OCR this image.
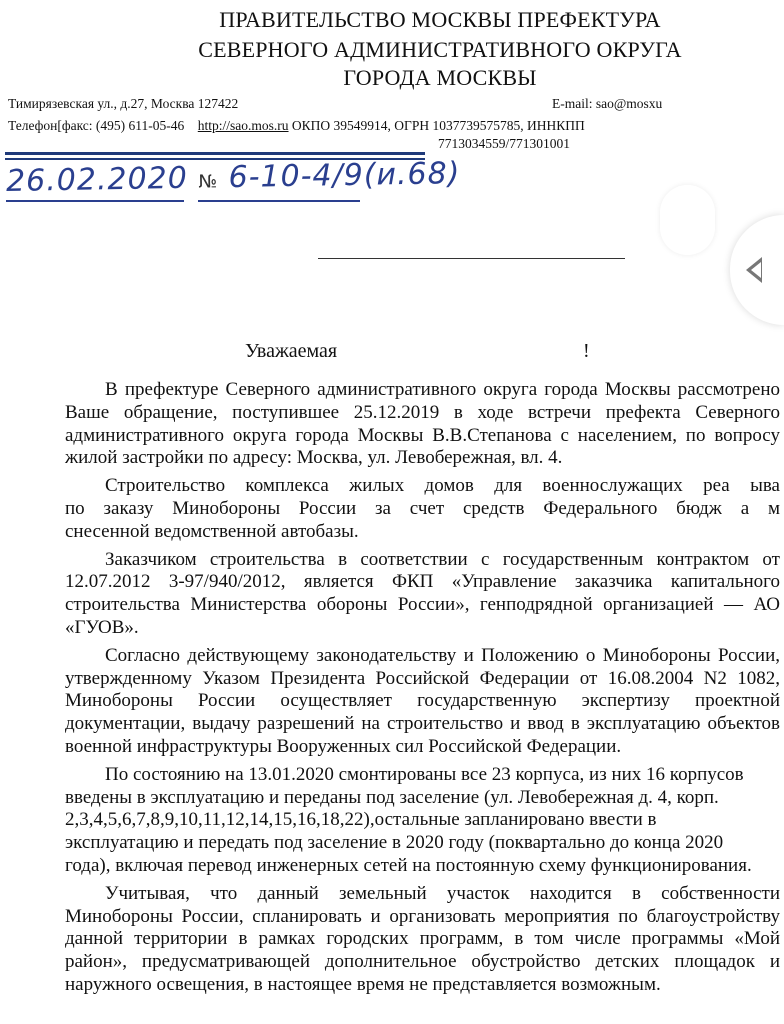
ПРАВИТЕЛЬСТВО МОСКВЫ ПРЕФЕКТУРА
СЕВЕРНОГО АДМИНИСТРАТИВНОГО ОКРУГА
ГОРОДА МОСКВЫ
Тимирязевская ул., д.27, Москва 127422	E-mail: sao@mosxu
Телефон[факс: (495) 611-05-46 http://sao.mos.ru ОКПО 39549914, ОГРН 1037739575785, ИННКПП
7713034559/771301001
26.02.2020 № 6-10-4/9(и.68)
Уважаемая	!
В префектуре Северного административного округа города Москвы рассмотрено
Ваше обращение, поступившее 25.12.2019 в ходе встречи префекта Северного
административного округа города Москвы В.В.Степанова с населением, по вопросу
жилой застройки по адресу: Москва, ул. Левобережная, вл. 4.
Строительство комплекса жилых домов для военнослужащих реа ыва
по заказу Минобороны России за счет средств Федерального бюдж а м
снесенной ведомственной автобазы.
Заказчиком строительства в соответствии с государственным контрактом от
12.07.2012 3-97/940/2012, является ФКП «Управление заказчика капитального
строительства Министерства обороны России», генподрядной организацией — АО
«ГУОВ».
Согласно действующему законодательству и Положению о Минобороны России,
утвержденному Указом Президента Российской Федерации от 16.08.2004 N2 1082,
Минобороны России осуществляет государственную экспертизу проектной
документации, выдачу разрешений на строительство и ввод в эксплуатацию объектов
военной инфраструктуры Вооруженных сил Российской Федерации.
По состоянию на 13.01.2020 смонтированы все 23 корпуса, из них 16 корпусов
введены в эксплуатацию и переданы под заселение (ул. Левобережная д. 4, корп.
2,3,4,5,6,7,8,9,10,11,12,14,15,16,18,22),остальные запланировано ввести в
эксплуатацию и передать под заселение в 2020 году (поквартально до конца 2020
года), включая перевод инженерных сетей на постоянную схему функционирования.
Учитывая, что данный земельный участок находится в собственности
Минобороны России, спланировать и организовать мероприятия по благоустройству
данной территории в рамках городских программ, в том числе программы «Мой
район», предусматривающей дополнительное обустройство детских площадок и
наружного освещения, в настоящее время не представляется возможным.
